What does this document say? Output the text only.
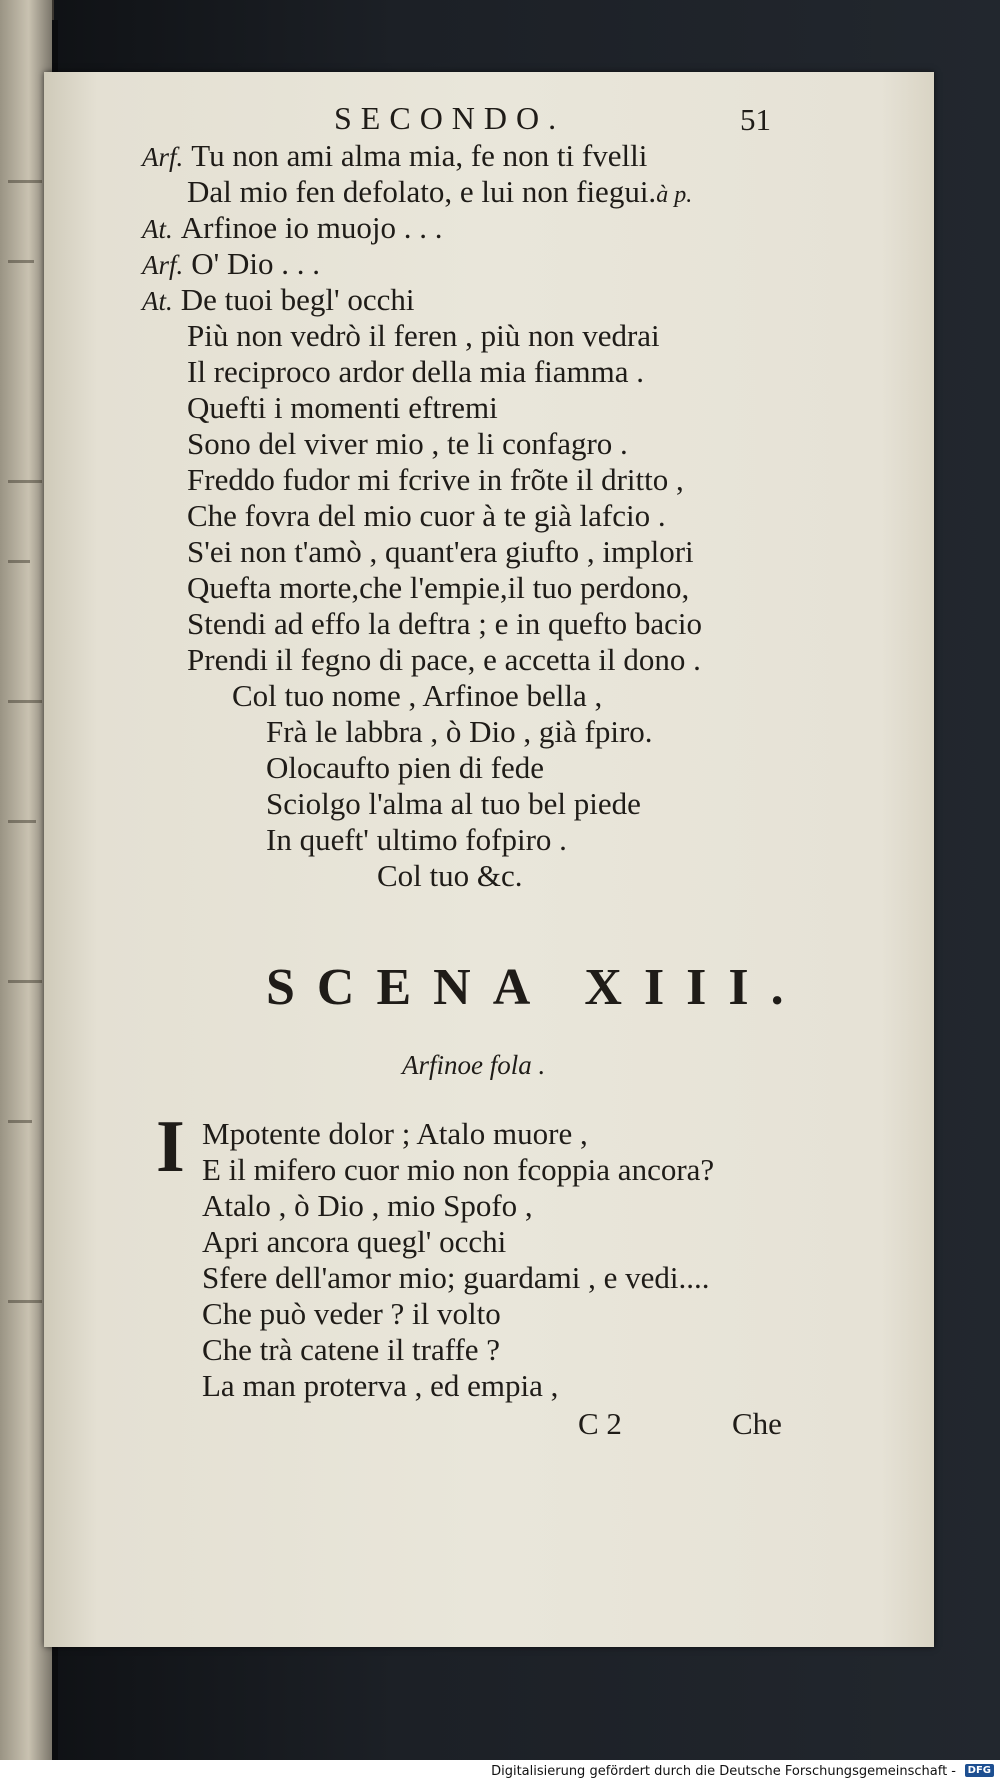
SECONDO.	51
Arf. Tu non ami alma mia, fe non ti fvelli
Dal mio fen defolato, e lui non fiegui.à p.
At. Arfinoe io muojo . . .
Arf. O' Dio . . .
At. De tuoi begl' occhi
Più non vedrò il feren , più non vedrai
Il reciproco ardor della mia fiamma .
Quefti i momenti eftremi
Sono del viver mio , te li confagro .
Freddo fudor mi fcrive in frõte il dritto ,
Che fovra del mio cuor à te già lafcio .
S'ei non t'amò , quant'era giufto , implori
Quefta morte,che l'empie,il tuo perdono,
Stendi ad effo la deftra ; e in quefto bacio
Prendi il fegno di pace, e accetta il dono .
Col tuo nome , Arfinoe bella ,
Frà le labbra , ò Dio , già fpiro.
Olocaufto pien di fede
Sciolgo l'alma al tuo bel piede
In queft' ultimo fofpiro .
Col tuo &c.
SCENA XIII.
Arfinoe fola .
I Mpotente dolor ; Atalo muore ,
E il mifero cuor mio non fcoppia ancora?
Atalo , ò Dio , mio Spofo ,
Apri ancora quegl' occhi
Sfere dell'amor mio; guardami , e vedi....
Che può veder ? il volto
Che trà catene il traffe ?
La man proterva , ed empia ,
C 2	Che
Digitalisierung gefördert durch die Deutsche Forschungsgemeinschaft -	DFG
